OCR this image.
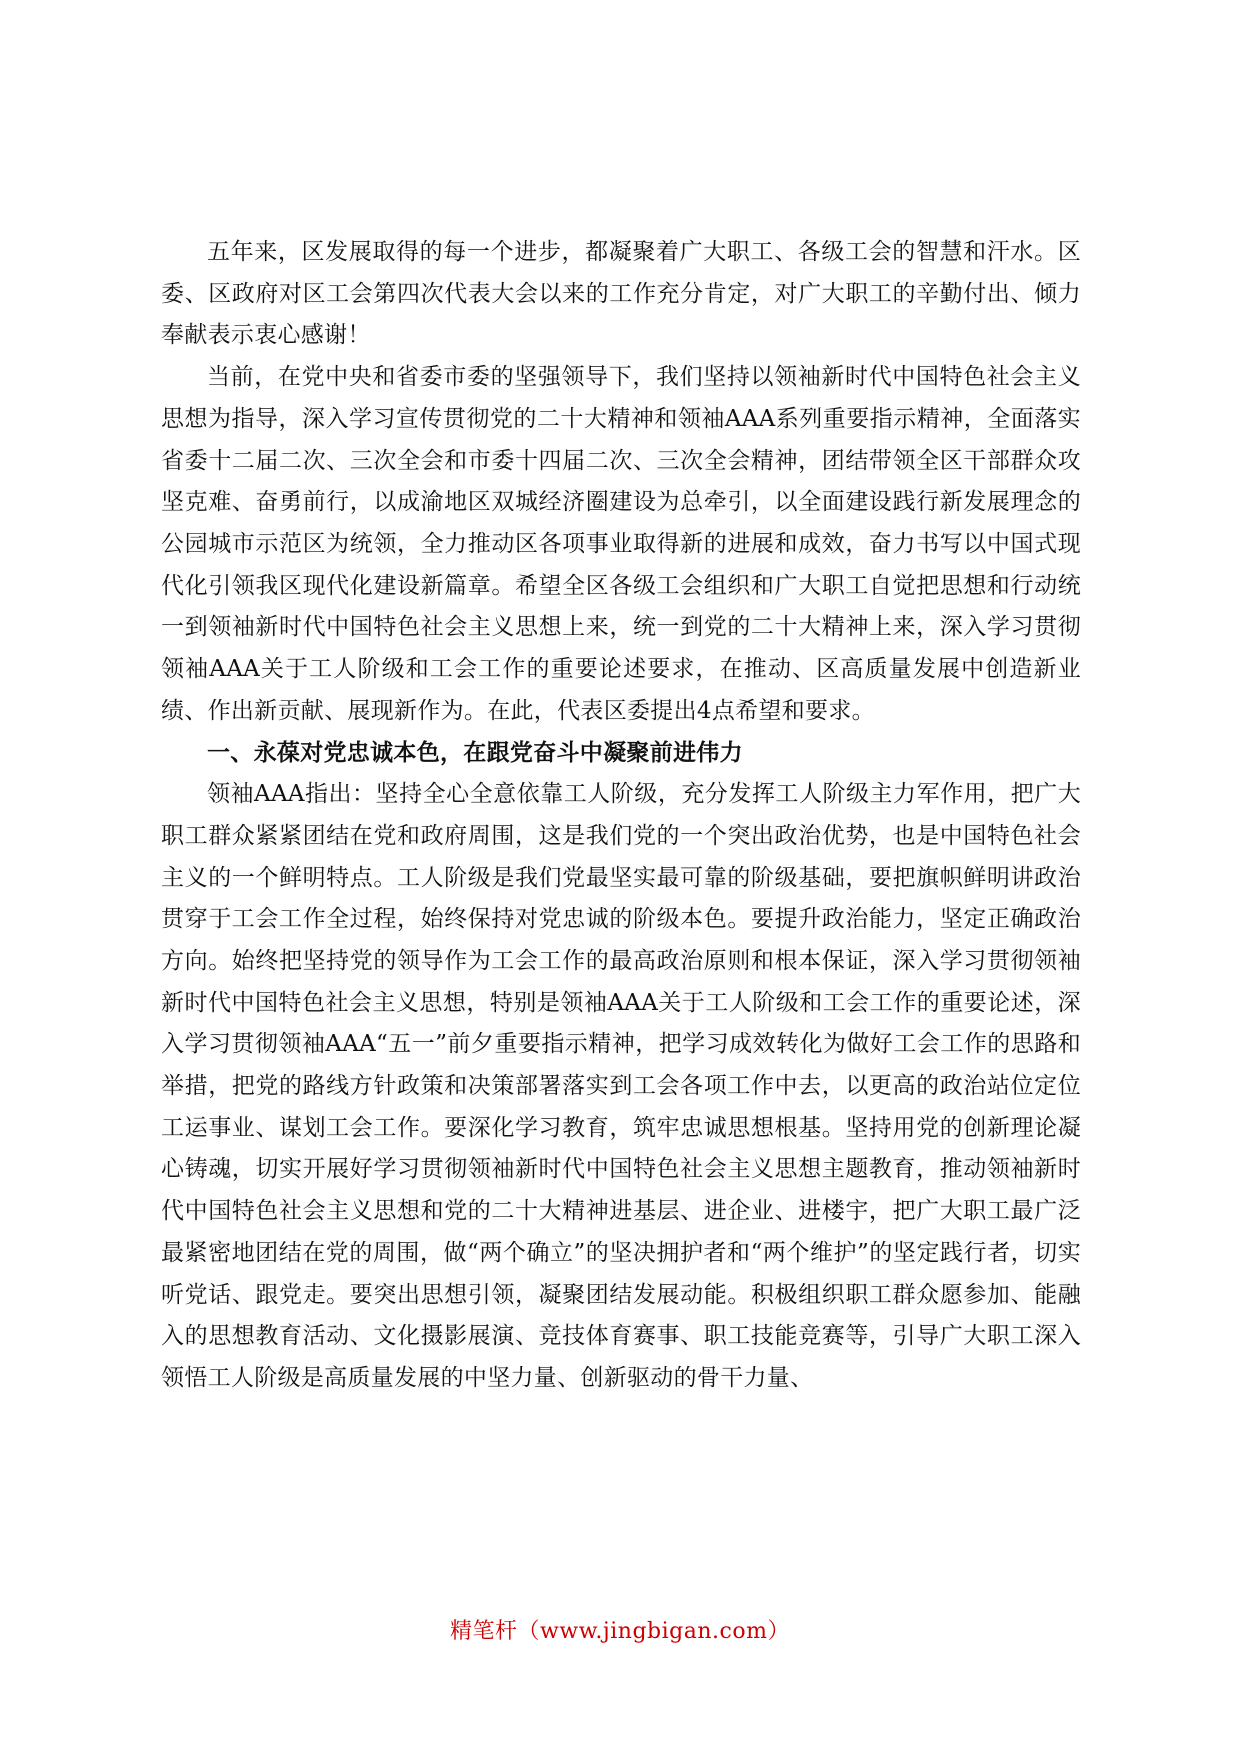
五年来，区发展取得的每一个进步，都凝聚着广大职工、各级工会的智慧和汗水。区委、区政府对区工会第四次代表大会以来的工作充分肯定，对广大职工的辛勤付出、倾力奉献表示衷心感谢！

当前，在党中央和省委市委的坚强领导下，我们坚持以领袖新时代中国特色社会主义思想为指导，深入学习宣传贯彻党的二十大精神和领袖AAA系列重要指示精神，全面落实省委十二届二次、三次全会和市委十四届二次、三次全会精神，团结带领全区干部群众攻坚克难、奋勇前行，以成渝地区双城经济圈建设为总牵引，以全面建设践行新发展理念的公园城市示范区为统领，全力推动区各项事业取得新的进展和成效，奋力书写以中国式现代化引领我区现代化建设新篇章。希望全区各级工会组织和广大职工自觉把思想和行动统一到领袖新时代中国特色社会主义思想上来，统一到党的二十大精神上来，深入学习贯彻领袖AAA关于工人阶级和工会工作的重要论述要求，在推动、区高质量发展中创造新业绩、作出新贡献、展现新作为。在此，代表区委提出4点希望和要求。

一、永葆对党忠诚本色，在跟党奋斗中凝聚前进伟力

领袖AAA指出：坚持全心全意依靠工人阶级，充分发挥工人阶级主力军作用，把广大职工群众紧紧团结在党和政府周围，这是我们党的一个突出政治优势，也是中国特色社会主义的一个鲜明特点。工人阶级是我们党最坚实最可靠的阶级基础，要把旗帜鲜明讲政治贯穿于工会工作全过程，始终保持对党忠诚的阶级本色。要提升政治能力，坚定正确政治方向。始终把坚持党的领导作为工会工作的最高政治原则和根本保证，深入学习贯彻领袖新时代中国特色社会主义思想，特别是领袖AAA关于工人阶级和工会工作的重要论述，深入学习贯彻领袖AAA“五一”前夕重要指示精神，把学习成效转化为做好工会工作的思路和举措，把党的路线方针政策和决策部署落实到工会各项工作中去，以更高的政治站位定位工运事业、谋划工会工作。要深化学习教育，筑牢忠诚思想根基。坚持用党的创新理论凝心铸魂，切实开展好学习贯彻领袖新时代中国特色社会主义思想主题教育，推动领袖新时代中国特色社会主义思想和党的二十大精神进基层、进企业、进楼宇，把广大职工最广泛最紧密地团结在党的周围，做“两个确立”的坚决拥护者和“两个维护”的坚定践行者，切实听党话、跟党走。要突出思想引领，凝聚团结发展动能。积极组织职工群众愿参加、能融入的思想教育活动、文化摄影展演、竞技体育赛事、职工技能竞赛等，引导广大职工深入领悟工人阶级是高质量发展的中坚力量、创新驱动的骨干力量、

精笔杆（www.jingbigan.com）
